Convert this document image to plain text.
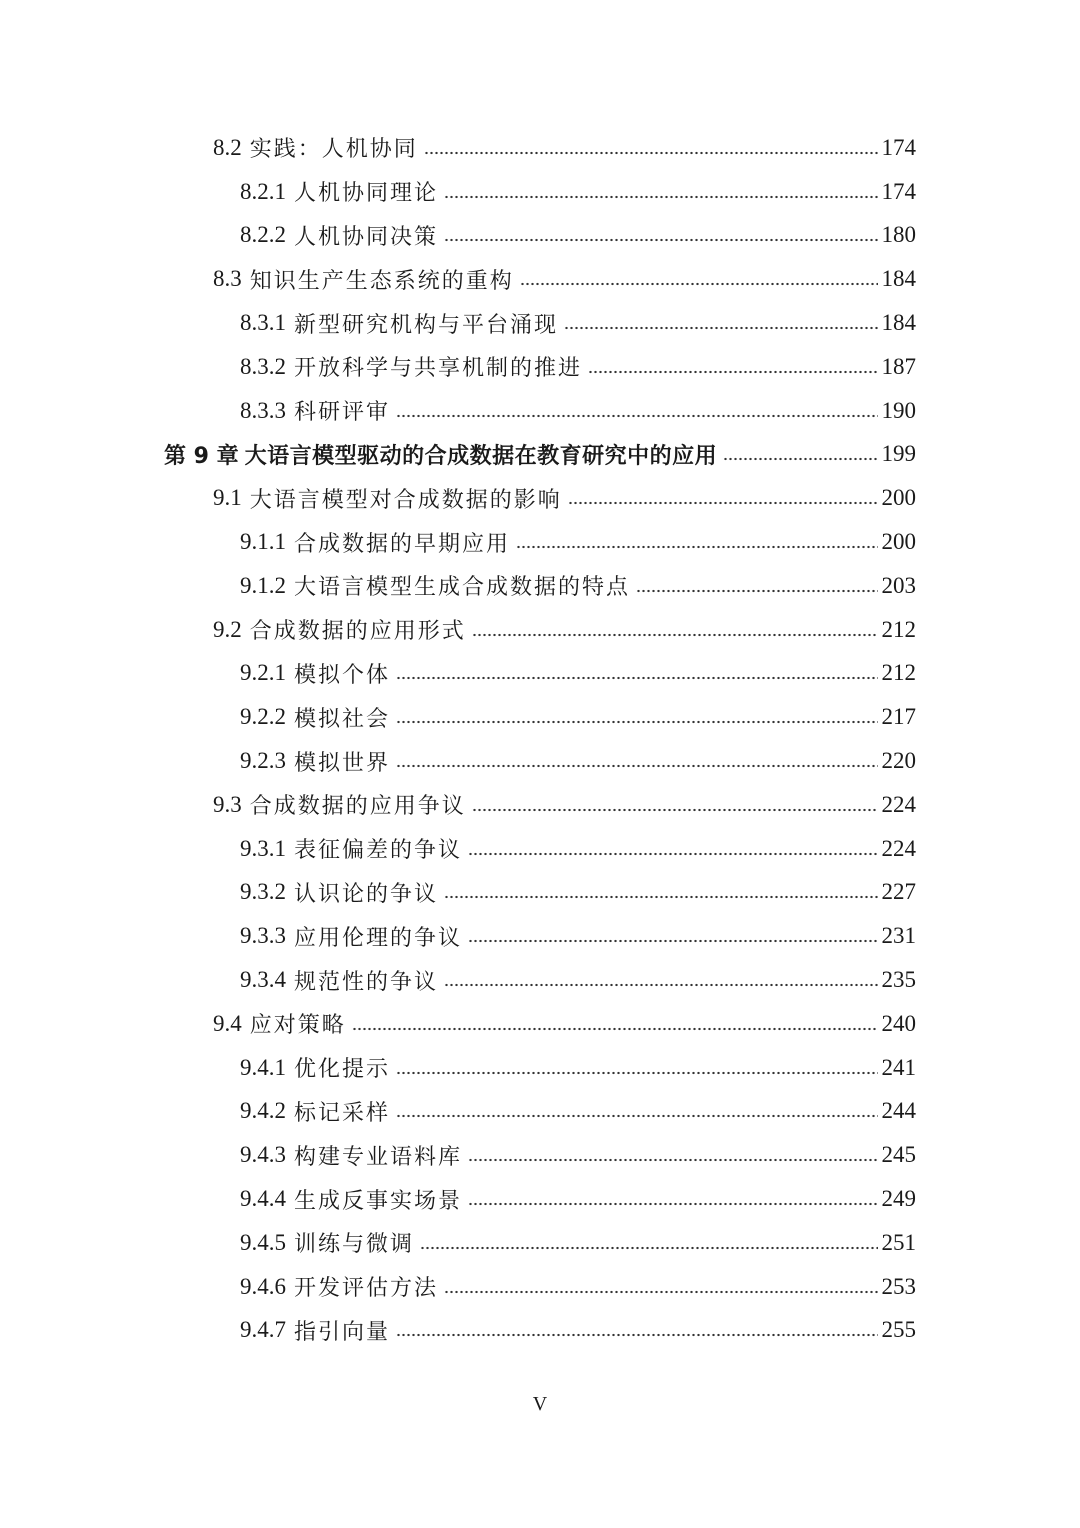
8.2 实践：人机协同	174
8.2.1 人机协同理论	174
8.2.2 人机协同决策	180
8.3 知识生产生态系统的重构	184
8.3.1 新型研究机构与平台涌现	184
8.3.2 开放科学与共享机制的推进	187
8.3.3 科研评审	190
第 9 章 大语言模型驱动的合成数据在教育研究中的应用	199
9.1 大语言模型对合成数据的影响	200
9.1.1 合成数据的早期应用	200
9.1.2 大语言模型生成合成数据的特点	203
9.2 合成数据的应用形式	212
9.2.1 模拟个体	212
9.2.2 模拟社会	217
9.2.3 模拟世界	220
9.3 合成数据的应用争议	224
9.3.1 表征偏差的争议	224
9.3.2 认识论的争议	227
9.3.3 应用伦理的争议	231
9.3.4 规范性的争议	235
9.4 应对策略	240
9.4.1 优化提示	241
9.4.2 标记采样	244
9.4.3 构建专业语料库	245
9.4.4 生成反事实场景	249
9.4.5 训练与微调	251
9.4.6 开发评估方法	253
9.4.7 指引向量	255
V
